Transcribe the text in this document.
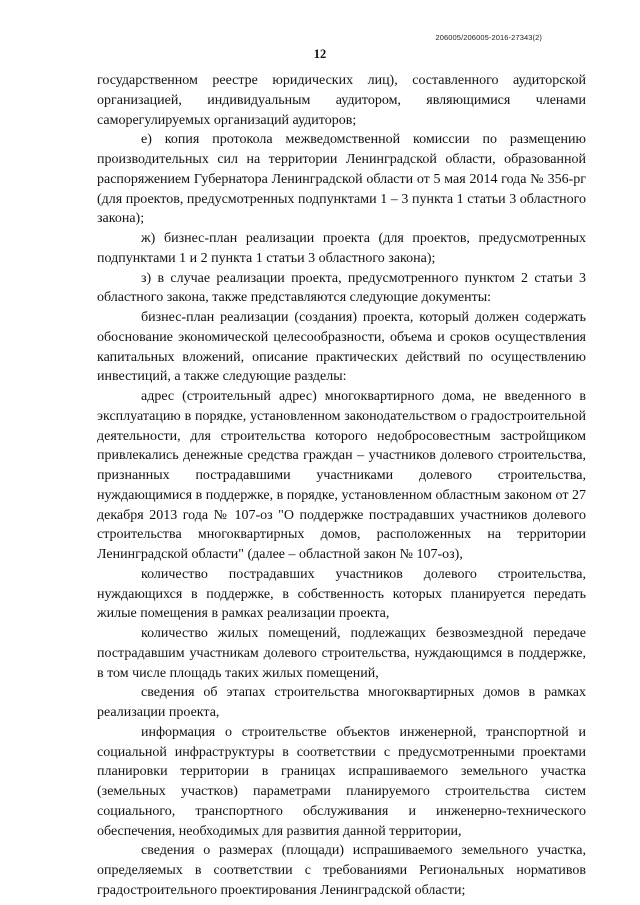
206005/206005-2016-27343(2)
12

государственном реестре юридических лиц), составленного аудиторской организацией, индивидуальным аудитором, являющимися членами саморегулируемых организаций аудиторов;

е) копия протокола межведомственной комиссии по размещению производительных сил на территории Ленинградской области, образованной распоряжением Губернатора Ленинградской области от 5 мая 2014 года № 356-рг (для проектов, предусмотренных подпунктами 1 – 3 пункта 1 статьи 3 областного закона);

ж) бизнес-план реализации проекта (для проектов, предусмотренных подпунктами 1 и 2 пункта 1 статьи 3 областного закона);

з) в случае реализации проекта, предусмотренного пунктом 2 статьи 3 областного закона, также представляются следующие документы:

бизнес-план реализации (создания) проекта, который должен содержать обоснование экономической целесообразности, объема и сроков осуществления капитальных вложений, описание практических действий по осуществлению инвестиций, а также следующие разделы:

адрес (строительный адрес) многоквартирного дома, не введенного в эксплуатацию в порядке, установленном законодательством о градостроительной деятельности, для строительства которого недобросовестным застройщиком привлекались денежные средства граждан – участников долевого строительства, признанных пострадавшими участниками долевого строительства, нуждающимися в поддержке, в порядке, установленном областным законом от 27 декабря 2013 года № 107-оз "О поддержке пострадавших участников долевого строительства многоквартирных домов, расположенных на территории Ленинградской области" (далее – областной закон № 107-оз),

количество пострадавших участников долевого строительства, нуждающихся в поддержке, в собственность которых планируется передать жилые помещения в рамках реализации проекта,

количество жилых помещений, подлежащих безвозмездной передаче пострадавшим участникам долевого строительства, нуждающимся в поддержке, в том числе площадь таких жилых помещений,

сведения об этапах строительства многоквартирных домов в рамках реализации проекта,

информация о строительстве объектов инженерной, транспортной и социальной инфраструктуры в соответствии с предусмотренными проектами планировки территории в границах испрашиваемого земельного участка (земельных участков) параметрами планируемого строительства систем социального, транспортного обслуживания и инженерно-технического обеспечения, необходимых для развития данной территории,

сведения о размерах (площади) испрашиваемого земельного участка, определяемых в соответствии с требованиями Региональных нормативов градостроительного проектирования Ленинградской области;
